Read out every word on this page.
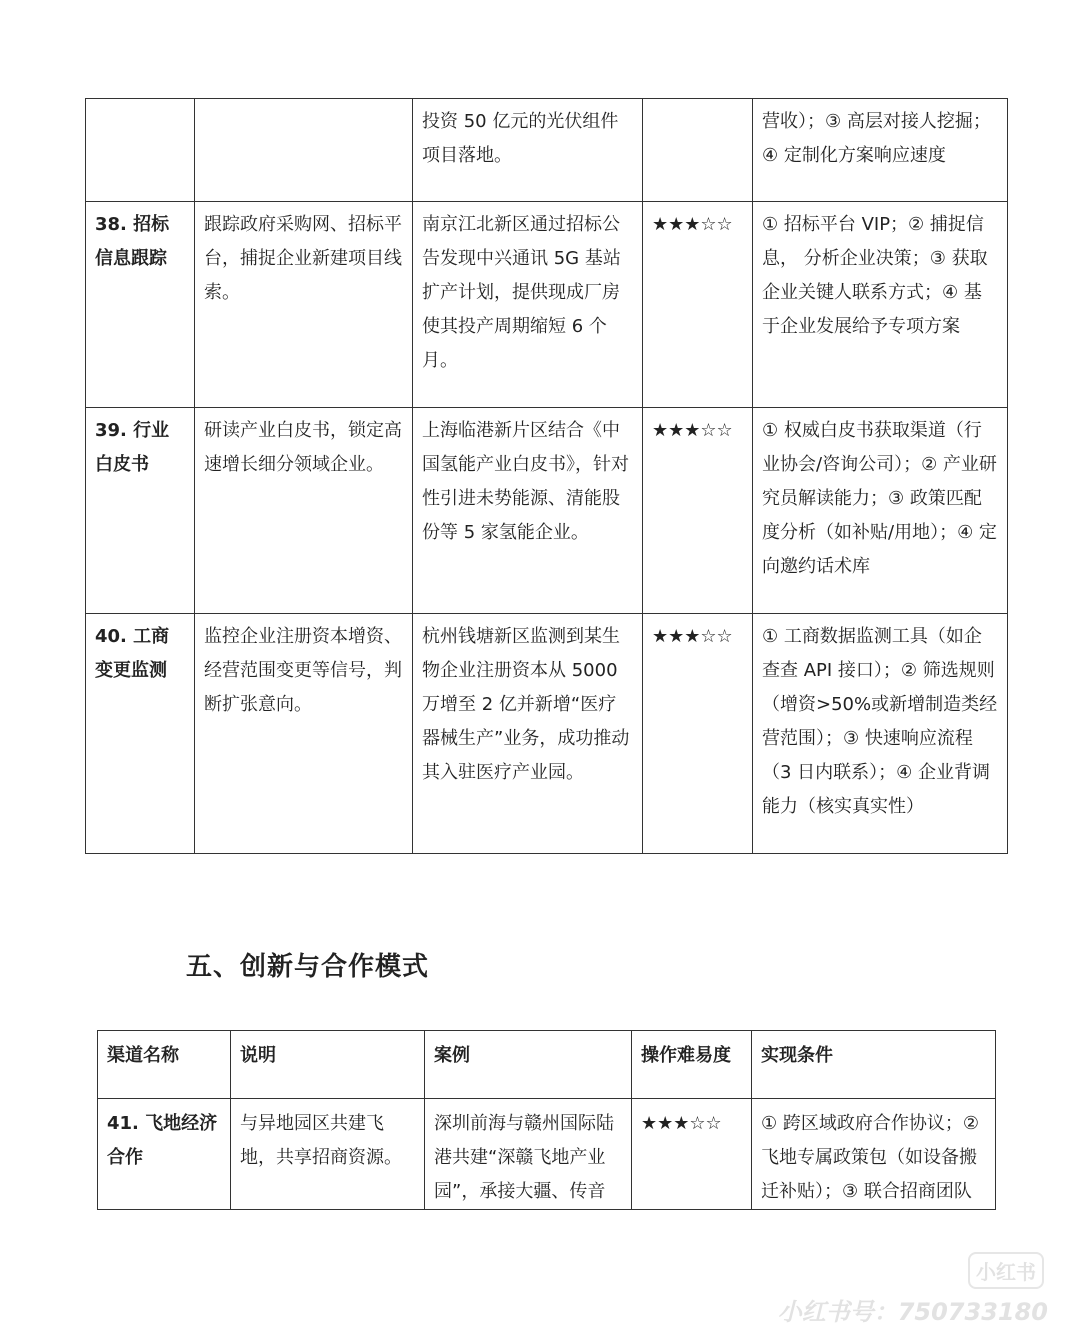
		投资 50 亿元的光伏组件项目落地。		营收）；③ 高层对接人挖掘；④ 定制化方案响应速度
38. 招标信息跟踪	跟踪政府采购网、招标平台，捕捉企业新建项目线索。	南京江北新区通过招标公告发现中兴通讯 5G 基站扩产计划，提供现成厂房使其投产周期缩短 6 个月。	★★★☆☆	① 招标平台 VIP；② 捕捉信息， 分析企业决策；③ 获取企业关键人联系方式；④ 基于企业发展给予专项方案
39. 行业白皮书	研读产业白皮书，锁定高速增长细分领域企业。	上海临港新片区结合《中国氢能产业白皮书》，针对性引进未势能源、清能股份等 5 家氢能企业。	★★★☆☆	① 权威白皮书获取渠道（行业协会/咨询公司）；② 产业研究员解读能力；③ 政策匹配度分析（如补贴/用地）；④ 定向邀约话术库
40. 工商变更监测	监控企业注册资本增资、经营范围变更等信号，判断扩张意向。	杭州钱塘新区监测到某生物企业注册资本从 5000 万增至 2 亿并新增“医疗器械生产”业务，成功推动其入驻医疗产业园。	★★★☆☆	① 工商数据监测工具（如企查查 API 接口）；② 筛选规则（增资>50%或新增制造类经营范围）；③ 快速响应流程（3 日内联系）；④ 企业背调能力（核实真实性）
五、创新与合作模式
渠道名称	说明	案例	操作难易度	实现条件
41. 飞地经济合作	与异地园区共建飞地，共享招商资源。	深圳前海与赣州国际陆港共建“深赣飞地产业园”，承接大疆、传音	★★★☆☆	① 跨区域政府合作协议；② 飞地专属政策包（如设备搬迁补贴）；③ 联合招商团队
小红书
小红书号：750733180
